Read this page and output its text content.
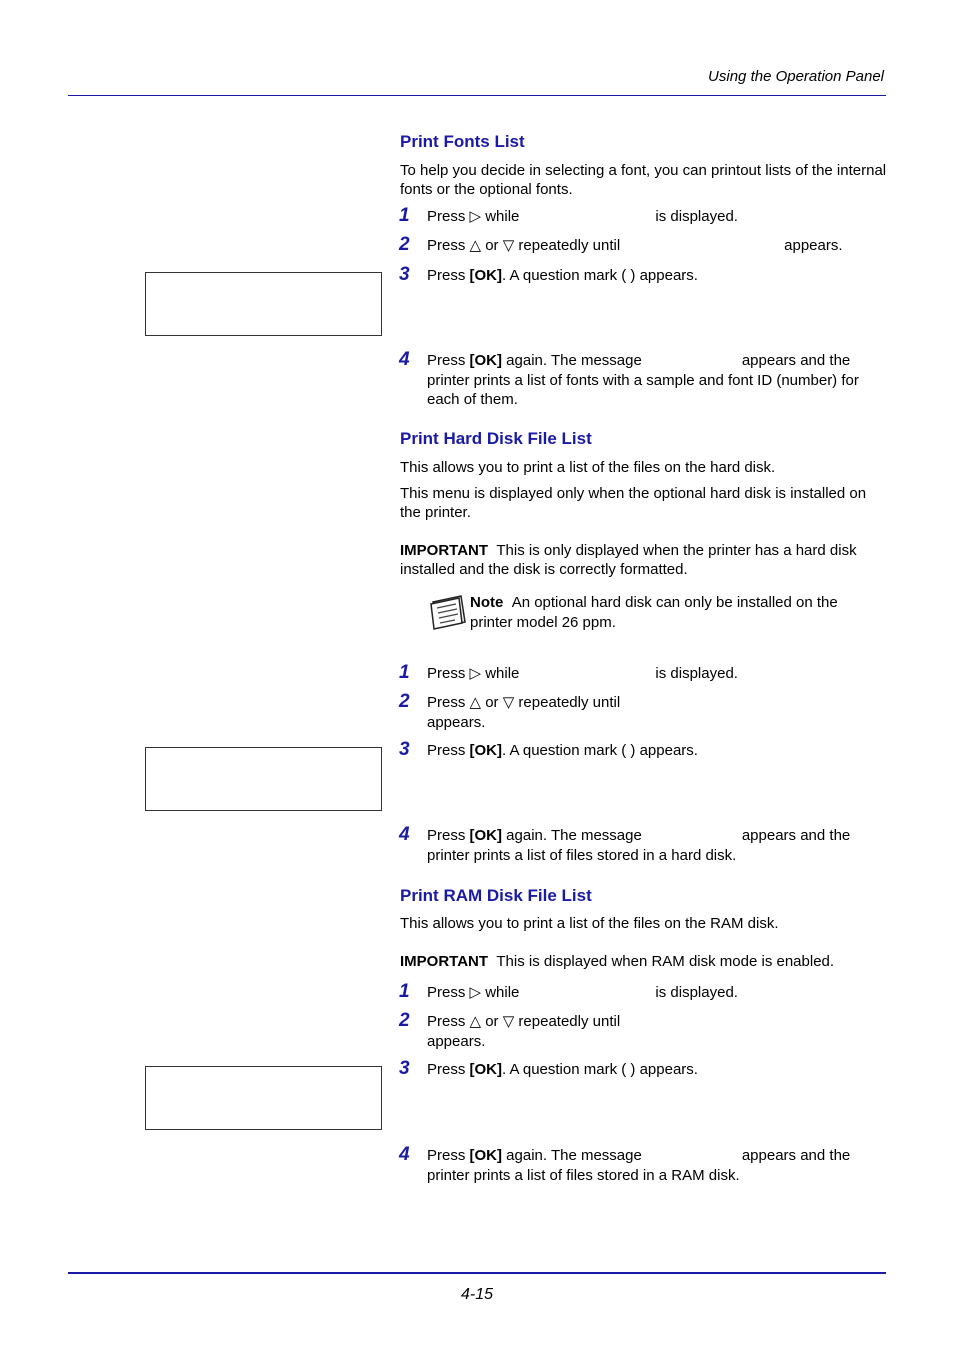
Using the Operation Panel
Print Fonts List
To help you decide in selecting a font, you can printout lists of the internal fonts or the optional fonts.
1 Press ▷ while	is displayed.
2 Press △ or ▽ repeatedly until	appears.
3 Press [OK]. A question mark ( ) appears.
4 Press [OK] again. The message	appears and the
printer prints a list of fonts with a sample and font ID (number) for each of them.
Print Hard Disk File List
This allows you to print a list of the files on the hard disk.
This menu is displayed only when the optional hard disk is installed on the printer.
IMPORTANT This is only displayed when the printer has a hard disk installed and the disk is correctly formatted.
Note An optional hard disk can only be installed on the printer model 26 ppm.
1 Press ▷ while	is displayed.
2 Press △ or ▽ repeatedly until
appears.
3 Press [OK]. A question mark ( ) appears.
4 Press [OK] again. The message	appears and the
printer prints a list of files stored in a hard disk.
Print RAM Disk File List
This allows you to print a list of the files on the RAM disk.
IMPORTANT This is displayed when RAM disk mode is enabled.
1 Press ▷ while	is displayed.
2 Press △ or ▽ repeatedly until
appears.
3 Press [OK]. A question mark ( ) appears.
4 Press [OK] again. The message	appears and the
printer prints a list of files stored in a RAM disk.
4-15
